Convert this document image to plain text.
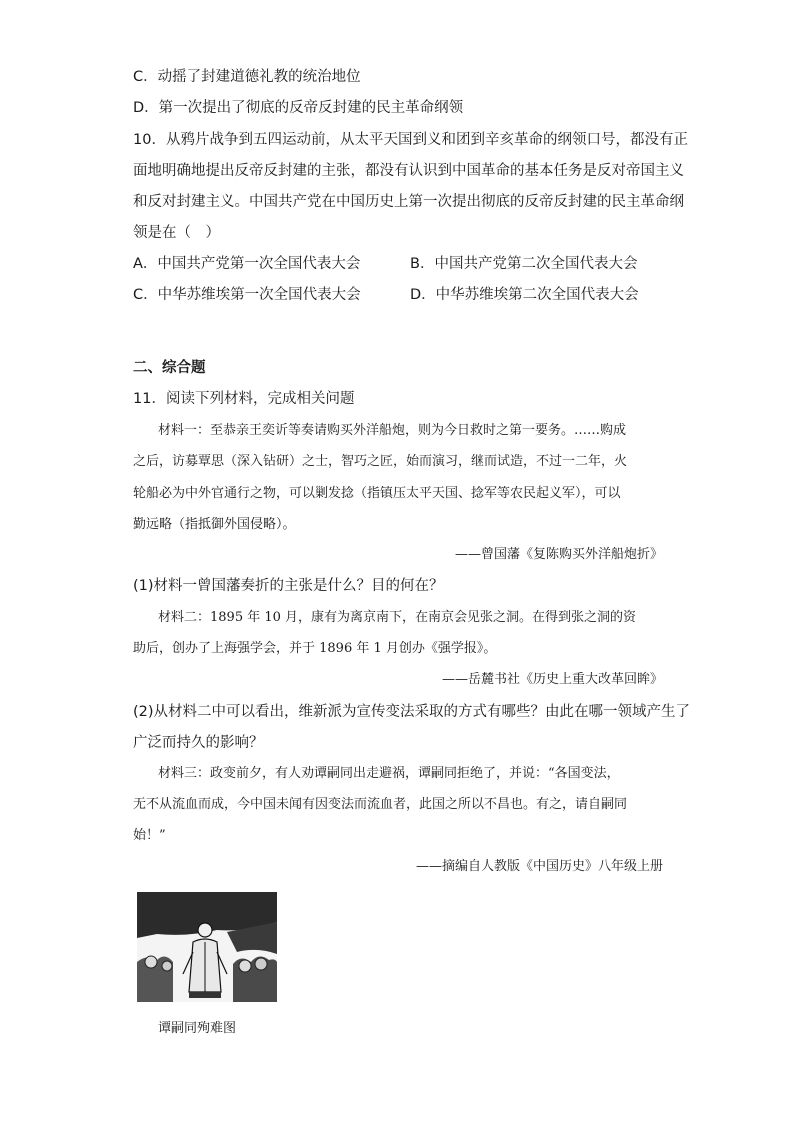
C．动摇了封建道德礼教的统治地位
D．第一次提出了彻底的反帝反封建的民主革命纲领
10．从鸦片战争到五四运动前，从太平天国到义和团到辛亥革命的纲领口号，都没有正
面地明确地提出反帝反封建的主张，都没有认识到中国革命的基本任务是反对帝国主义
和反对封建主义。中国共产党在中国历史上第一次提出彻底的反帝反封建的民主革命纲
领是在（　）
A．中国共产党第一次全国代表大会	B．中国共产党第二次全国代表大会
C．中华苏维埃第一次全国代表大会	D．中华苏维埃第二次全国代表大会
二、综合题
11．阅读下列材料，完成相关问题
材料一：至恭亲王奕䜣等奏请购买外洋船炮，则为今日救时之第一要务。……购成
之后，访募覃思（深入钻研）之士，智巧之匠，始而演习，继而试造，不过一二年，火
轮船必为中外官通行之物，可以剿发捻（指镇压太平天国、捻军等农民起义军），可以
勤远略（指抵御外国侵略）。
——曾国藩《复陈购买外洋船炮折》
(1)材料一曾国藩奏折的主张是什么？目的何在？
材料二：1895 年 10 月，康有为离京南下，在南京会见张之洞。在得到张之洞的资
助后，创办了上海强学会，并于 1896 年 1 月创办《强学报》。
——岳麓书社《历史上重大改革回眸》
(2)从材料二中可以看出，维新派为宣传变法采取的方式有哪些？由此在哪一领域产生了
广泛而持久的影响？
材料三：政变前夕，有人劝谭嗣同出走避祸，谭嗣同拒绝了，并说：“各国变法，
无不从流血而成，今中国未闻有因变法而流血者，此国之所以不昌也。有之，请自嗣同
始！”
——摘编自人教版《中国历史》八年级上册
谭嗣同殉难图
